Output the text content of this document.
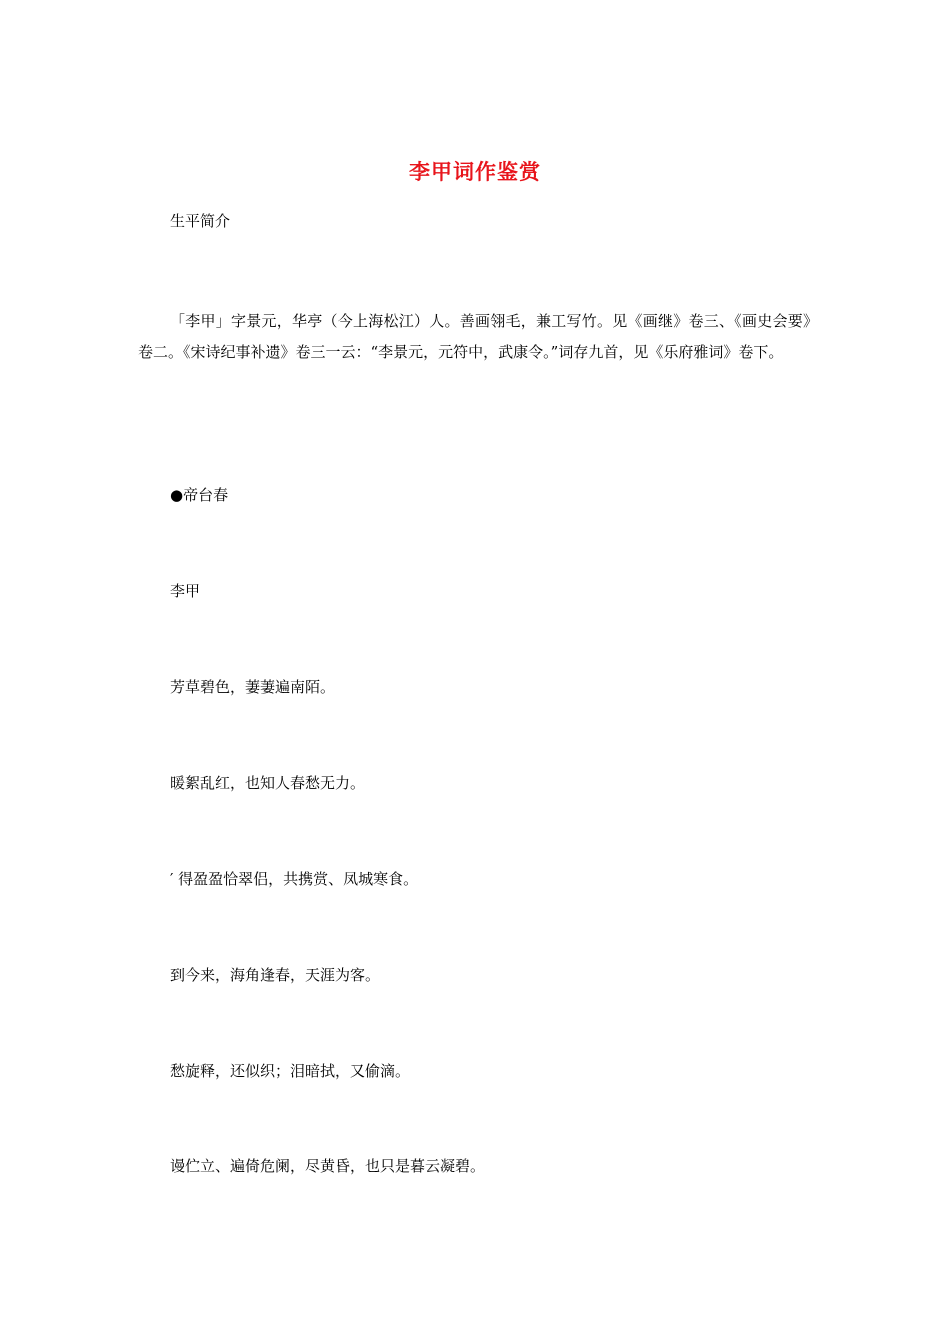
李甲词作鉴赏
生平简介
「李甲」字景元，华亭（今上海松江）人。善画翎毛，兼工写竹。见《画继》卷三、《画史会要》卷二。《宋诗纪事补遗》卷三一云：“李景元，元符中，武康令。”词存九首，见《乐府雅词》卷下。
●帝台春
李甲
芳草碧色，萋萋遍南陌。
暖絮乱红，也知人春愁无力。
′ 得盈盈恰翠侣，共携赏、凤城寒食。
到今来，海角逢春，天涯为客。
愁旋释，还似织；泪暗拭，又偷滴。
谩伫立、遍倚危阑，尽黄昏，也只是暮云凝碧。
